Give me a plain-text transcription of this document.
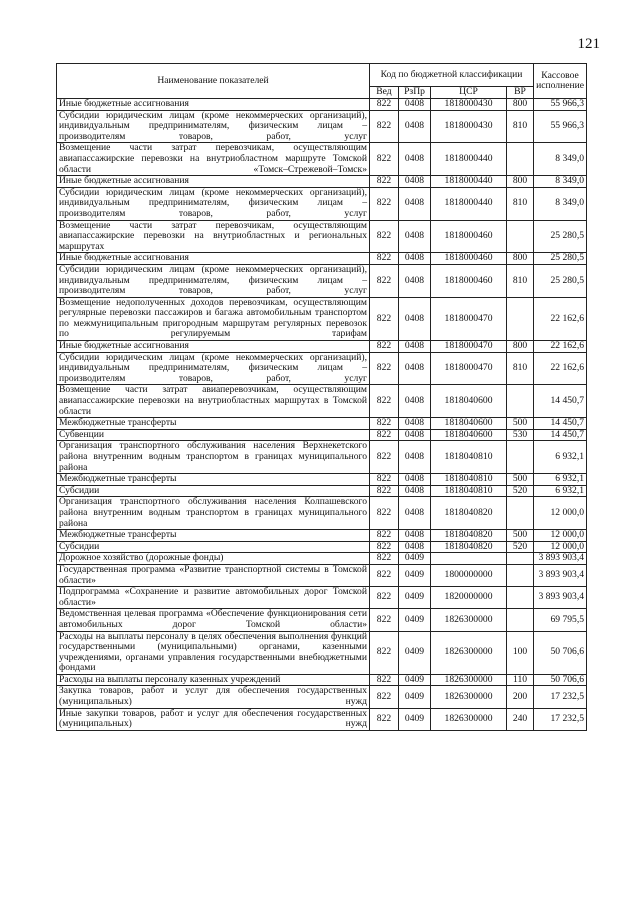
121
Наименование показателей	Код по бюджетной классификации				Кассовое исполнение
	Вед	РзПр	ЦСР	ВР	
Иные бюджетные ассигнования	822	0408	1818000430	800	55 966,3
Субсидии юридическим лицам (кроме некоммерческих организаций), индивидуальным предпринимателям, физическим лицам – производителям товаров, работ, услуг	822	0408	1818000430	810	55 966,3
Возмещение части затрат перевозчикам, осуществляющим авиапассажирские перевозки на внутриобластном маршруте Томской области «Томск–Стрежевой–Томск»	822	0408	1818000440		8 349,0
Иные бюджетные ассигнования	822	0408	1818000440	800	8 349,0
Субсидии юридическим лицам (кроме некоммерческих организаций), индивидуальным предпринимателям, физическим лицам – производителям товаров, работ, услуг	822	0408	1818000440	810	8 349,0
Возмещение части затрат перевозчикам, осуществляющим авиапассажирские перевозки на внутриобластных и региональных маршрутах	822	0408	1818000460		25 280,5
Иные бюджетные ассигнования	822	0408	1818000460	800	25 280,5
Субсидии юридическим лицам (кроме некоммерческих организаций), индивидуальным предпринимателям, физическим лицам – производителям товаров, работ, услуг	822	0408	1818000460	810	25 280,5
Возмещение недополученных доходов перевозчикам, осуществляющим регулярные перевозки пассажиров и багажа автомобильным транспортом по межмуниципальным пригородным маршрутам регулярных перевозок по регулируемым тарифам	822	0408	1818000470		22 162,6
Иные бюджетные ассигнования	822	0408	1818000470	800	22 162,6
Субсидии юридическим лицам (кроме некоммерческих организаций), индивидуальным предпринимателям, физическим лицам – производителям товаров, работ, услуг	822	0408	1818000470	810	22 162,6
Возмещение части затрат авиаперевозчикам, осуществляющим авиапассажирские перевозки на внутриобластных маршрутах в Томской области	822	0408	1818040600		14 450,7
Межбюджетные трансферты	822	0408	1818040600	500	14 450,7
Субвенции	822	0408	1818040600	530	14 450,7
Организация транспортного обслуживания населения Верхнекетского района внутренним водным транспортом в границах муниципального района	822	0408	1818040810		6 932,1
Межбюджетные трансферты	822	0408	1818040810	500	6 932,1
Субсидии	822	0408	1818040810	520	6 932,1
Организация транспортного обслуживания населения Колпашевского района внутренним водным транспортом в границах муниципального района	822	0408	1818040820		12 000,0
Межбюджетные трансферты	822	0408	1818040820	500	12 000,0
Субсидии	822	0408	1818040820	520	12 000,0
Дорожное хозяйство (дорожные фонды)	822	0409			3 893 903,4
Государственная программа «Развитие транспортной системы в Томской области»	822	0409	1800000000		3 893 903,4
Подпрограмма «Сохранение и развитие автомобильных дорог Томской области»	822	0409	1820000000		3 893 903,4
Ведомственная целевая программа «Обеспечение функционирования сети автомобильных дорог Томской области»	822	0409	1826300000		69 795,5
Расходы на выплаты персоналу в целях обеспечения выполнения функций государственными (муниципальными) органами, казенными учреждениями, органами управления государственными внебюджетными фондами	822	0409	1826300000	100	50 706,6
Расходы на выплаты персоналу казенных учреждений	822	0409	1826300000	110	50 706,6
Закупка товаров, работ и услуг для обеспечения государственных (муниципальных) нужд	822	0409	1826300000	200	17 232,5
Иные закупки товаров, работ и услуг для обеспечения государственных (муниципальных) нужд	822	0409	1826300000	240	17 232,5
